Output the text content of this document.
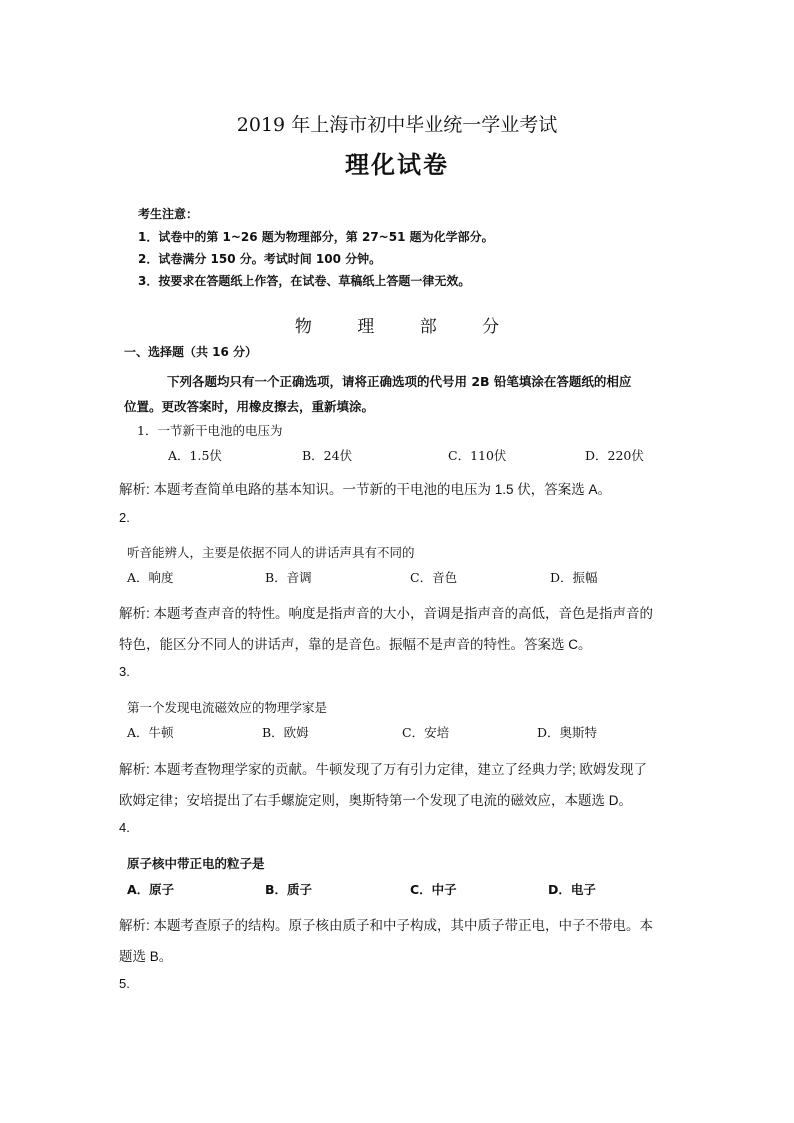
2019 年上海市初中毕业统一学业考试
理化试卷
考生注意：
1．试卷中的第 1~26 题为物理部分，第 27~51 题为化学部分。
2．试卷满分 150 分。考试时间 100 分钟。
3．按要求在答题纸上作答，在试卷、草稿纸上答题一律无效。
物 理 部 分
一、选择题（共 16 分）
下列各题均只有一个正确选项，请将正确选项的代号用 2B 铅笔填涂在答题纸的相应
位置。更改答案时，用橡皮擦去，重新填涂。
1．一节新干电池的电压为
A．1.5伏	B．24伏	C．110伏	D．220伏
解析: 本题考查简单电路的基本知识。一节新的干电池的电压为 1.5 伏，答案选 A。
2.
听音能辨人，主要是依据不同人的讲话声具有不同的
A．响度	B．音调	C．音色	D．振幅
解析: 本题考查声音的特性。响度是指声音的大小，音调是指声音的高低，音色是指声音的
特色，能区分不同人的讲话声，靠的是音色。振幅不是声音的特性。答案选 C。
3.
第一个发现电流磁效应的物理学家是
A．牛顿	B．欧姆	C．安培	D．奥斯特
解析: 本题考查物理学家的贡献。牛顿发现了万有引力定律，建立了经典力学; 欧姆发现了
欧姆定律；安培提出了右手螺旋定则，奥斯特第一个发现了电流的磁效应，本题选 D。
4.
原子核中带正电的粒子是
A．原子	B．质子	C．中子	D．电子
解析: 本题考查原子的结构。原子核由质子和中子构成，其中质子带正电，中子不带电。本
题选 B。
5.
